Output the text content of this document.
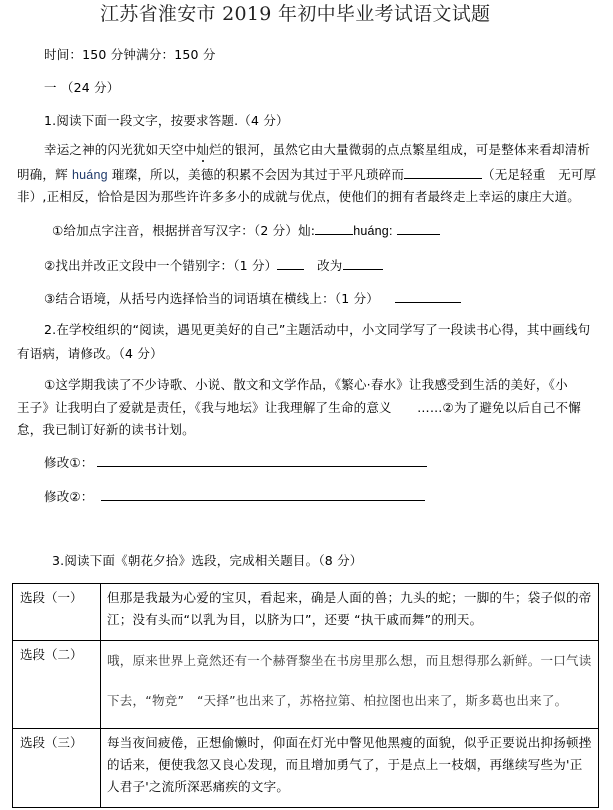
江苏省淮安市 2019 年初中毕业考试语文试题
时间：150 分钟满分：150 分
一 （24 分）
1.阅读下面一段文字，按要求答题.（4 分）
幸运之神的闪光犹如天空中灿烂的银河，虽然它由大量微弱的点点繁星组成，可是整体来看却清析
明确，辉 huáng 璀璨，所以，美德的积累不会因为其过于平凡琐碎而	（无足轻重　无可厚
非）,正相反，恰恰是因为那些许许多多小的成就与优点，使他们的拥有者最终走上幸运的康庄大道。
①给加点字注音，根据拼音写汉字：（2 分）灿:	huáng:
②找出并改正文段中一个错别字：（1 分）　	改为
③结合语境，从括号内选择恰当的词语填在横线上：（1 分）
2.在学校组织的“阅读，遇见更美好的自己”主题活动中，小文同学写了一段读书心得，其中画线句
有语病，请修改。（4 分）
①这学期我读了不少诗歌、小说、散文和文学作品，《繁心·春水》让我感受到生活的美好，《小
王子》让我明白了爱就是责任，《我与地坛》让我理解了生命的意义　　……②为了避免以后自己不懈
怠，我已制订好新的读书计划。
修改①：
修改②：
3.阅读下面《朝花夕拾》选段，完成相关题目。（8 分）
选段（一）	但那是我最为心爱的宝贝，看起来，确是人面的兽；九头的蛇；一脚的牛；袋子似的帝江；没有头而“以乳为目，以脐为口”，还要 “执干戚而舞”的刑天。
选段（二）	哦，原来世界上竟然还有一个赫胥黎坐在书房里那么想，而且想得那么新鲜。一口气读下去，“物竞”　“天择”也出来了，苏格拉第、柏拉图也出来了，斯多葛也出来了。
选段（三）	每当夜间疲倦，正想偷懒时，仰面在灯光中瞥见他黑瘦的面貌，似乎正要说出抑扬顿挫的话来，便使我忽又良心发现，而且增加勇气了，于是点上一枝烟，再继续写些为'正人君子'之流所深恶痛疾的文字。
